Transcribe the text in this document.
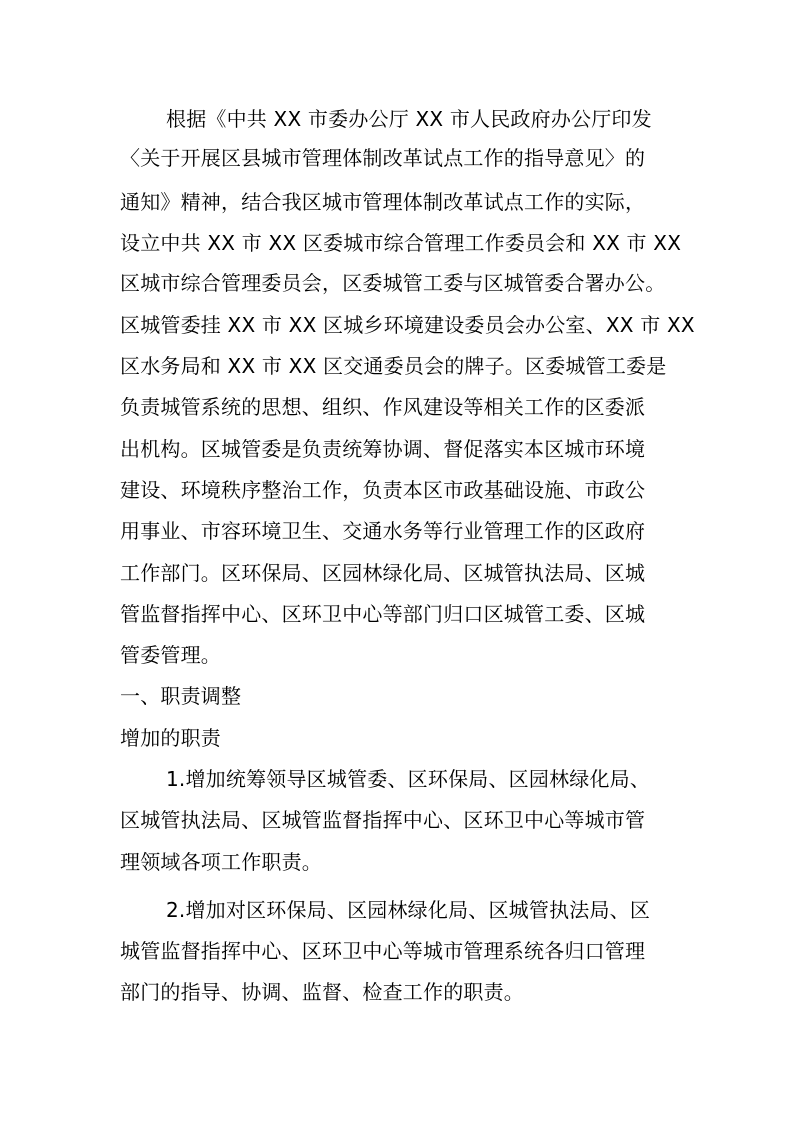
根据《中共 XX 市委办公厅 XX 市人民政府办公厅印发
〈关于开展区县城市管理体制改革试点工作的指导意见〉的
通知》精神，结合我区城市管理体制改革试点工作的实际，
设立中共 XX 市 XX 区委城市综合管理工作委员会和 XX 市 XX
区城市综合管理委员会，区委城管工委与区城管委合署办公。
区城管委挂 XX 市 XX 区城乡环境建设委员会办公室、XX 市 XX
区水务局和 XX 市 XX 区交通委员会的牌子。区委城管工委是
负责城管系统的思想、组织、作风建设等相关工作的区委派
出机构。区城管委是负责统筹协调、督促落实本区城市环境
建设、环境秩序整治工作，负责本区市政基础设施、市政公
用事业、市容环境卫生、交通水务等行业管理工作的区政府
工作部门。区环保局、区园林绿化局、区城管执法局、区城
管监督指挥中心、区环卫中心等部门归口区城管工委、区城
管委管理。
一、职责调整
增加的职责
1.增加统筹领导区城管委、区环保局、区园林绿化局、
区城管执法局、区城管监督指挥中心、区环卫中心等城市管
理领域各项工作职责。
2.增加对区环保局、区园林绿化局、区城管执法局、区
城管监督指挥中心、区环卫中心等城市管理系统各归口管理
部门的指导、协调、监督、检查工作的职责。
